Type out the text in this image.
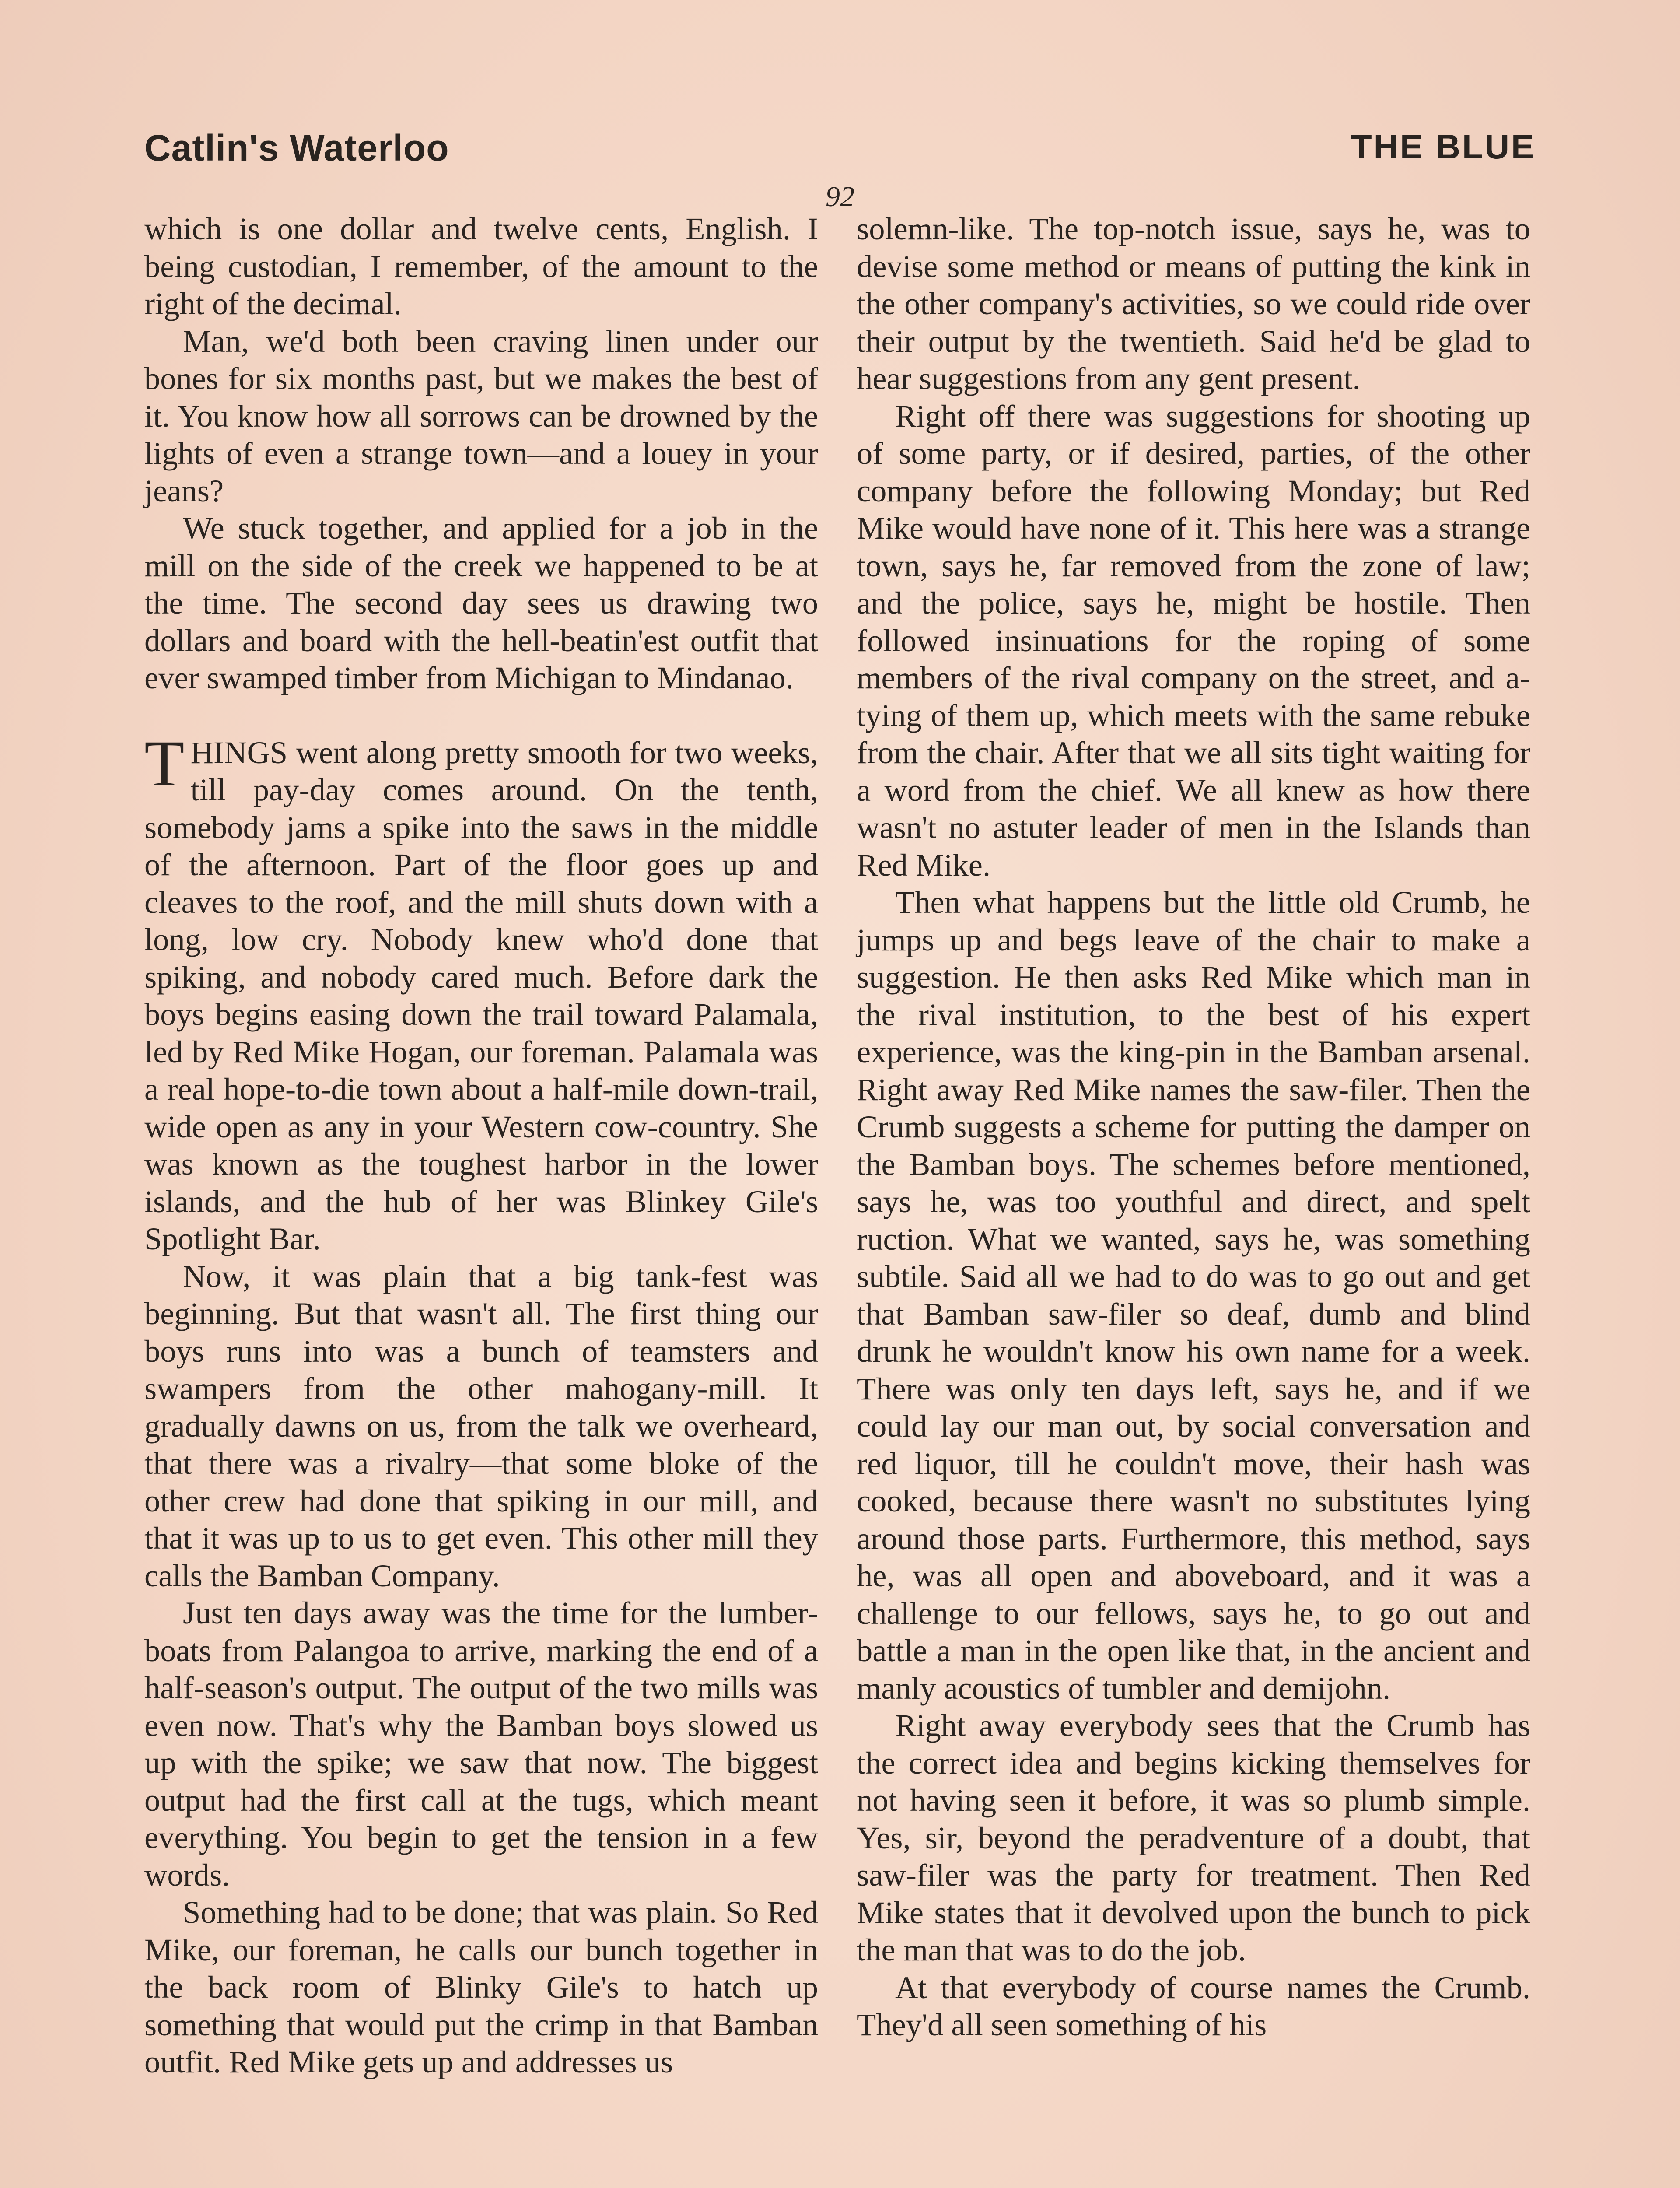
Catlin's Waterloo	THE BLUE
92

which is one dollar and twelve cents, English. I being custodian, I remember, of the amount to the right of the decimal.

Man, we'd both been craving linen under our bones for six months past, but we makes the best of it. You know how all sorrows can be drowned by the lights of even a strange town—and a louey in your jeans?

We stuck together, and applied for a job in the mill on the side of the creek we happened to be at the time. The second day sees us drawing two dollars and board with the hell-beatin'est outfit that ever swamped timber from Michigan to Mindanao.

THINGS went along pretty smooth for two weeks, till pay-day comes around. On the tenth, somebody jams a spike into the saws in the middle of the afternoon. Part of the floor goes up and cleaves to the roof, and the mill shuts down with a long, low cry. Nobody knew who'd done that spiking, and nobody cared much. Before dark the boys begins easing down the trail toward Palamala, led by Red Mike Hogan, our foreman. Palamala was a real hope-to-die town about a half-mile down-trail, wide open as any in your Western cow-country. She was known as the toughest harbor in the lower islands, and the hub of her was Blinkey Gile's Spotlight Bar.

Now, it was plain that a big tank-fest was beginning. But that wasn't all. The first thing our boys runs into was a bunch of teamsters and swampers from the other mahogany-mill. It gradually dawns on us, from the talk we overheard, that there was a rivalry—that some bloke of the other crew had done that spiking in our mill, and that it was up to us to get even. This other mill they calls the Bamban Company.

Just ten days away was the time for the lumber-boats from Palangoa to arrive, marking the end of a half-season's output. The output of the two mills was even now. That's why the Bamban boys slowed us up with the spike; we saw that now. The biggest output had the first call at the tugs, which meant everything. You begin to get the tension in a few words.

Something had to be done; that was plain. So Red Mike, our foreman, he calls our bunch together in the back room of Blinky Gile's to hatch up something that would put the crimp in that Bamban outfit. Red Mike gets up and addresses us

solemn-like. The top-notch issue, says he, was to devise some method or means of putting the kink in the other company's activities, so we could ride over their output by the twentieth. Said he'd be glad to hear suggestions from any gent present.

Right off there was suggestions for shooting up of some party, or if desired, parties, of the other company before the following Monday; but Red Mike would have none of it. This here was a strange town, says he, far removed from the zone of law; and the police, says he, might be hostile. Then followed insinuations for the roping of some members of the rival company on the street, and a-tying of them up, which meets with the same rebuke from the chair. After that we all sits tight waiting for a word from the chief. We all knew as how there wasn't no astuter leader of men in the Islands than Red Mike.

Then what happens but the little old Crumb, he jumps up and begs leave of the chair to make a suggestion. He then asks Red Mike which man in the rival institution, to the best of his expert experience, was the king-pin in the Bamban arsenal. Right away Red Mike names the saw-filer. Then the Crumb suggests a scheme for putting the damper on the Bamban boys. The schemes before mentioned, says he, was too youthful and direct, and spelt ruction. What we wanted, says he, was something subtile. Said all we had to do was to go out and get that Bamban saw-filer so deaf, dumb and blind drunk he wouldn't know his own name for a week. There was only ten days left, says he, and if we could lay our man out, by social conversation and red liquor, till he couldn't move, their hash was cooked, because there wasn't no substitutes lying around those parts. Furthermore, this method, says he, was all open and aboveboard, and it was a challenge to our fellows, says he, to go out and battle a man in the open like that, in the ancient and manly acoustics of tumbler and demijohn.

Right away everybody sees that the Crumb has the correct idea and begins kicking themselves for not having seen it before, it was so plumb simple. Yes, sir, beyond the peradventure of a doubt, that saw-filer was the party for treatment. Then Red Mike states that it devolved upon the bunch to pick the man that was to do the job.

At that everybody of course names the Crumb. They'd all seen something of his
